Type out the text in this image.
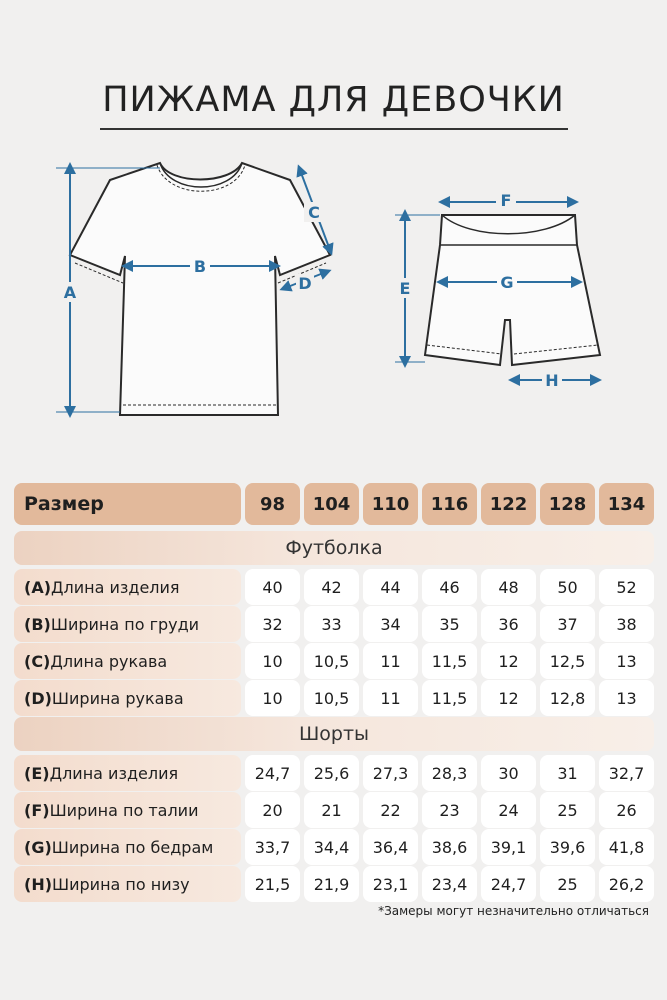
ПИЖАМА ДЛЯ ДЕВОЧКИ
A
B
C
D
F
E	G
H
Размер	98	104	110	116	122	128	134
Футболка
(A) Длина изделия	40	42	44	46	48	50	52
(B) Ширина по груди	32	33	34	35	36	37	38
(C) Длина рукава	10	10,5	11	11,5	12	12,5	13
(D) Ширина рукава	10	10,5	11	11,5	12	12,8	13
Шорты
(E) Длина изделия	24,7	25,6	27,3	28,3	30	31	32,7
(F) Ширина по талии	20	21	22	23	24	25	26
(G) Ширина по бедрам	33,7	34,4	36,4	38,6	39,1	39,6	41,8
(H) Ширина по низу	21,5	21,9	23,1	23,4	24,7	25	26,2
*Замеры могут незначительно отличаться
